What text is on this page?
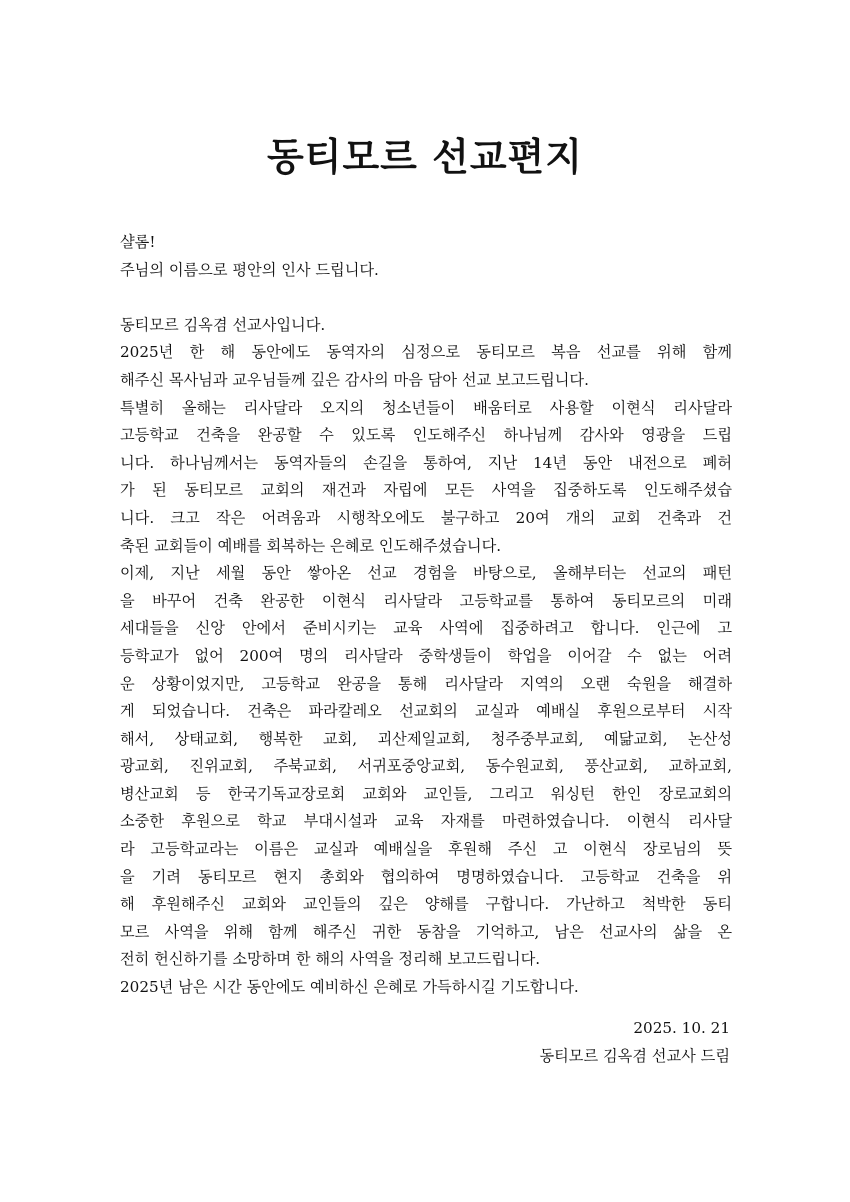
동티모르 선교편지
샬롬!
주님의 이름으로 평안의 인사 드립니다.
동티모르 김옥겸 선교사입니다.
2025년 한 해 동안에도 동역자의 심정으로 동티모르 복음 선교를 위해 함께
해주신 목사님과 교우님들께 깊은 감사의 마음 담아 선교 보고드립니다.
특별히 올해는 리사달라 오지의 청소년들이 배움터로 사용할 이현식 리사달라
고등학교 건축을 완공할 수 있도록 인도해주신 하나님께 감사와 영광을 드립
니다. 하나님께서는 동역자들의 손길을 통하여, 지난 14년 동안 내전으로 폐허
가 된 동티모르 교회의 재건과 자립에 모든 사역을 집중하도록 인도해주셨습
니다. 크고 작은 어려움과 시행착오에도 불구하고 20여 개의 교회 건축과 건
축된 교회들이 예배를 회복하는 은혜로 인도해주셨습니다.
이제, 지난 세월 동안 쌓아온 선교 경험을 바탕으로, 올해부터는 선교의 패턴
을 바꾸어 건축 완공한 이현식 리사달라 고등학교를 통하여 동티모르의 미래
세대들을 신앙 안에서 준비시키는 교육 사역에 집중하려고 합니다. 인근에 고
등학교가 없어 200여 명의 리사달라 중학생들이 학업을 이어갈 수 없는 어려
운 상황이었지만, 고등학교 완공을 통해 리사달라 지역의 오랜 숙원을 해결하
게 되었습니다. 건축은 파라칼레오 선교회의 교실과 예배실 후원으로부터 시작
해서, 상태교회, 행복한 교회, 괴산제일교회, 청주중부교회, 예닮교회, 논산성
광교회, 진위교회, 주북교회, 서귀포중앙교회, 동수원교회, 풍산교회, 교하교회,
병산교회 등 한국기독교장로회 교회와 교인들, 그리고 워싱턴 한인 장로교회의
소중한 후원으로 학교 부대시설과 교육 자재를 마련하였습니다. 이현식 리사달
라 고등학교라는 이름은 교실과 예배실을 후원해 주신 고 이현식 장로님의 뜻
을 기려 동티모르 현지 총회와 협의하여 명명하였습니다. 고등학교 건축을 위
해 후원해주신 교회와 교인들의 깊은 양해를 구합니다. 가난하고 척박한 동티
모르 사역을 위해 함께 해주신 귀한 동참을 기억하고, 남은 선교사의 삶을 온
전히 헌신하기를 소망하며 한 해의 사역을 정리해 보고드립니다.
2025년 남은 시간 동안에도 예비하신 은혜로 가득하시길 기도합니다.
2025. 10. 21
동티모르 김옥겸 선교사 드림
